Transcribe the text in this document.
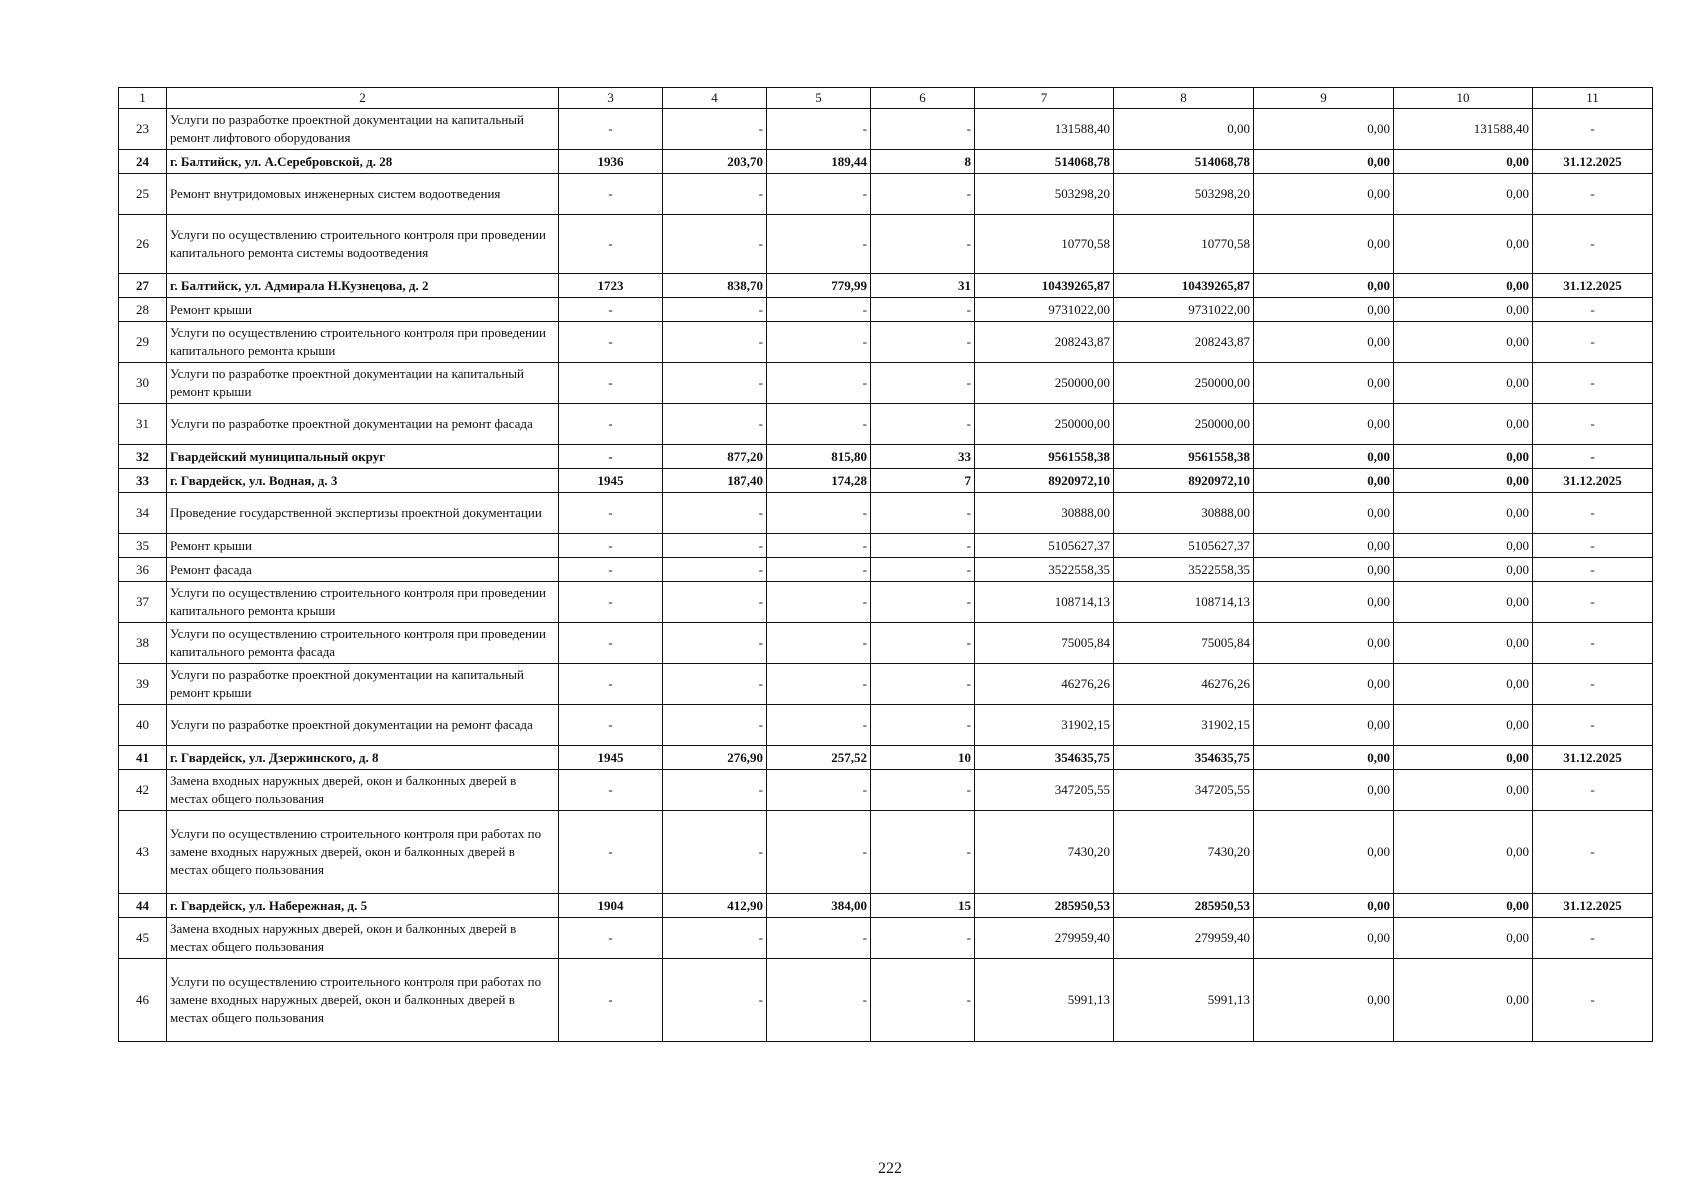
1	2	3	4	5	6	7	8	9	10	11
23	Услуги по разработке проектной документации на капитальный ремонт лифтового оборудования	-	-	-	-	131588,40	0,00	0,00	131588,40	-
24	г. Балтийск, ул. А.Серебровской, д. 28	1936	203,70	189,44	8	514068,78	514068,78	0,00	0,00	31.12.2025
25	Ремонт внутридомовых инженерных систем водоотведения	-	-	-	-	503298,20	503298,20	0,00	0,00	-
26	Услуги по осуществлению строительного контроля при проведении капитального ремонта системы водоотведения	-	-	-	-	10770,58	10770,58	0,00	0,00	-
27	г. Балтийск, ул. Адмирала Н.Кузнецова, д. 2	1723	838,70	779,99	31	10439265,87	10439265,87	0,00	0,00	31.12.2025
28	Ремонт крыши	-	-	-	-	9731022,00	9731022,00	0,00	0,00	-
29	Услуги по осуществлению строительного контроля при проведении капитального ремонта крыши	-	-	-	-	208243,87	208243,87	0,00	0,00	-
30	Услуги по разработке проектной документации на капитальный ремонт крыши	-	-	-	-	250000,00	250000,00	0,00	0,00	-
31	Услуги по разработке проектной документации на ремонт фасада	-	-	-	-	250000,00	250000,00	0,00	0,00	-
32	Гвардейский муниципальный округ	-	877,20	815,80	33	9561558,38	9561558,38	0,00	0,00	-
33	г. Гвардейск, ул. Водная, д. 3	1945	187,40	174,28	7	8920972,10	8920972,10	0,00	0,00	31.12.2025
34	Проведение государственной экспертизы проектной документации	-	-	-	-	30888,00	30888,00	0,00	0,00	-
35	Ремонт крыши	-	-	-	-	5105627,37	5105627,37	0,00	0,00	-
36	Ремонт фасада	-	-	-	-	3522558,35	3522558,35	0,00	0,00	-
37	Услуги по осуществлению строительного контроля при проведении капитального ремонта крыши	-	-	-	-	108714,13	108714,13	0,00	0,00	-
38	Услуги по осуществлению строительного контроля при проведении капитального ремонта фасада	-	-	-	-	75005,84	75005,84	0,00	0,00	-
39	Услуги по разработке проектной документации на капитальный ремонт крыши	-	-	-	-	46276,26	46276,26	0,00	0,00	-
40	Услуги по разработке проектной документации на ремонт фасада	-	-	-	-	31902,15	31902,15	0,00	0,00	-
41	г. Гвардейск, ул. Дзержинского, д. 8	1945	276,90	257,52	10	354635,75	354635,75	0,00	0,00	31.12.2025
42	Замена входных наружных дверей, окон и балконных дверей в местах общего пользования	-	-	-	-	347205,55	347205,55	0,00	0,00	-
43	Услуги по осуществлению строительного контроля при работах по замене входных наружных дверей, окон и балконных дверей в местах общего пользования	-	-	-	-	7430,20	7430,20	0,00	0,00	-
44	г. Гвардейск, ул. Набережная, д. 5	1904	412,90	384,00	15	285950,53	285950,53	0,00	0,00	31.12.2025
45	Замена входных наружных дверей, окон и балконных дверей в местах общего пользования	-	-	-	-	279959,40	279959,40	0,00	0,00	-
46	Услуги по осуществлению строительного контроля при работах по замене входных наружных дверей, окон и балконных дверей в местах общего пользования	-	-	-	-	5991,13	5991,13	0,00	0,00	-
222
